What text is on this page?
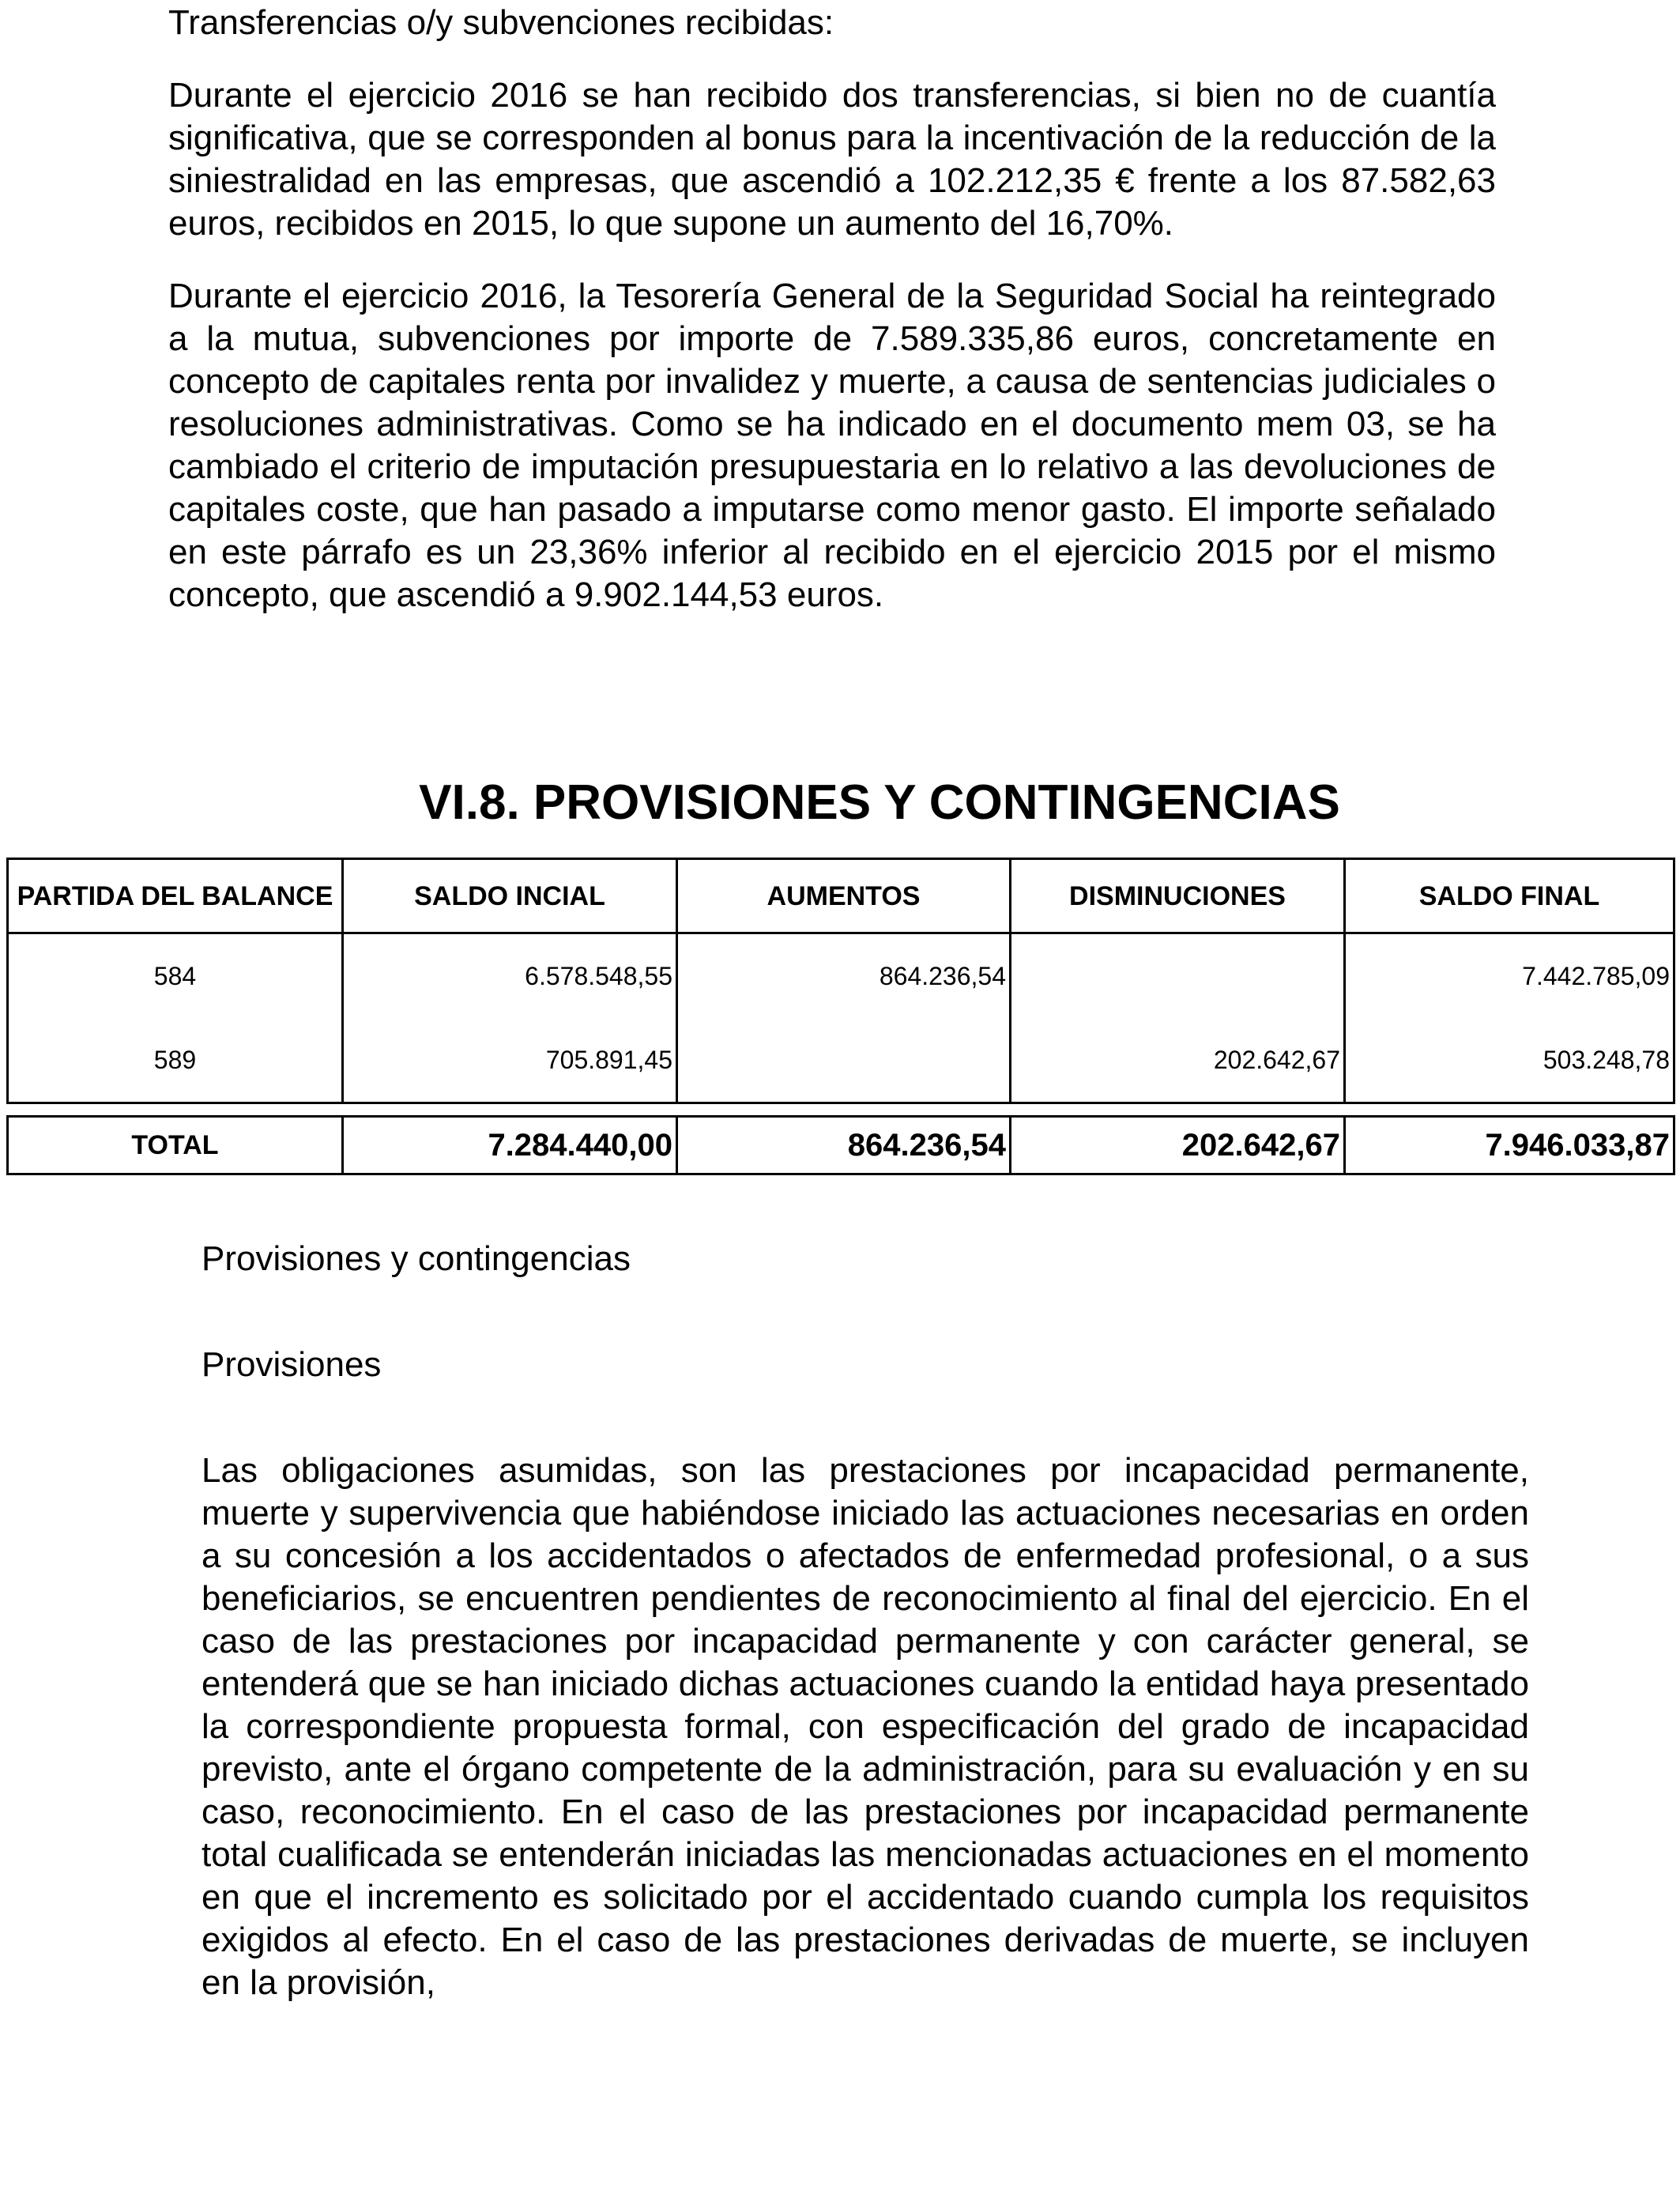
Transferencias o/y subvenciones recibidas:

Durante el ejercicio 2016 se han recibido dos transferencias, si bien no de cuantía significativa, que se corresponden al bonus para la incentivación de la reducción de la siniestralidad en las empresas, que ascendió a 102.212,35 € frente a los 87.582,63 euros, recibidos en 2015, lo que supone un aumento del 16,70%.

Durante el ejercicio 2016, la Tesorería General de la Seguridad Social ha reintegrado a la mutua, subvenciones por importe de 7.589.335,86 euros, concretamente en concepto de capitales renta por invalidez y muerte, a causa de sentencias judiciales o resoluciones administrativas. Como se ha indicado en el documento mem 03, se ha cambiado el criterio de imputación presupuestaria en lo relativo a las devoluciones de capitales coste, que han pasado a imputarse como menor gasto. El importe señalado en este párrafo es un 23,36% inferior al recibido en el ejercicio 2015 por el mismo concepto, que ascendió a 9.902.144,53 euros.

VI.8. PROVISIONES Y CONTINGENCIAS
PARTIDA DEL BALANCE	SALDO INCIAL	AUMENTOS	DISMINUCIONES	SALDO FINAL
584	6.578.548,55	864.236,54		7.442.785,09
589	705.891,45		202.642,67	503.248,78
TOTAL	7.284.440,00	864.236,54	202.642,67	7.946.033,87

Provisiones y contingencias

Provisiones

Las obligaciones asumidas, son las prestaciones por incapacidad permanente, muerte y supervivencia que habiéndose iniciado las actuaciones necesarias en orden a su concesión a los accidentados o afectados de enfermedad profesional, o a sus beneficiarios, se encuentren pendientes de reconocimiento al final del ejercicio. En el caso de las prestaciones por incapacidad permanente y con carácter general, se entenderá que se han iniciado dichas actuaciones cuando la entidad haya presentado la correspondiente propuesta formal, con especificación del grado de incapacidad previsto, ante el órgano competente de la administración, para su evaluación y en su caso, reconocimiento. En el caso de las prestaciones por incapacidad permanente total cualificada se entenderán iniciadas las mencionadas actuaciones en el momento en que el incremento es solicitado por el accidentado cuando cumpla los requisitos exigidos al efecto. En el caso de las prestaciones derivadas de muerte, se incluyen en la provisión,
